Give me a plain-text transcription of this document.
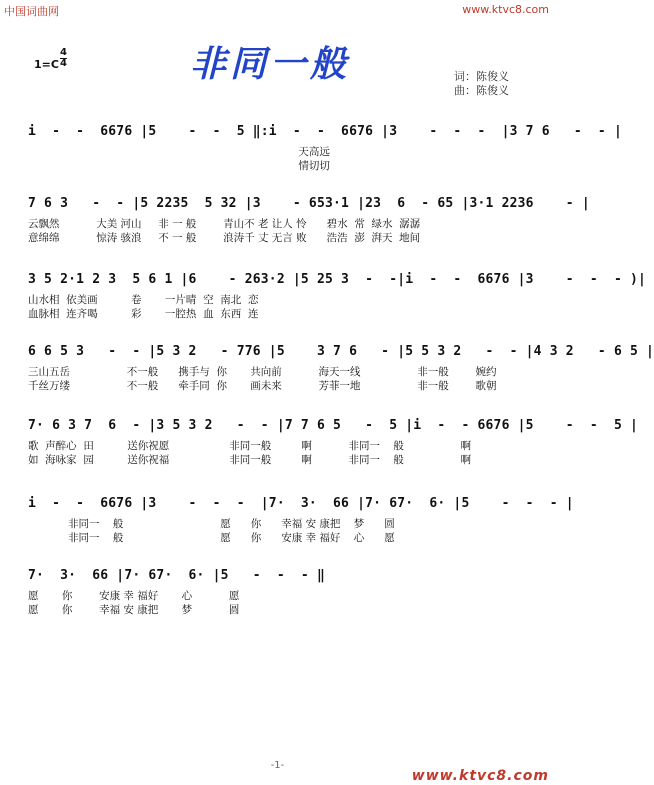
中国词曲网	www.ktvc8.com
1=C
4
4	非同一般	词：陈俊义
曲：陈俊义
i  -  -  6676 |5    -  -  5 ‖:i  -  -  6676 |3    -  -  -  |3 7 6   -  - |
天高远
情切切
7 6 3   -  - |5 2235  5 32 |3    - 653·1 |23  6  - 65 |3·1 2236    - |
云飘然           大美 河山     非 一 般        青山不 老 让人 怜      碧水  常  绿水  潺潺
意绵绵           惊涛 骇浪     不 一 般        浪涛千 丈 无言 败      浩浩  澎  湃天  地间
3 5 2·1 2 3  5 6 1 |6    - 263·2 |5 25 3  -  -|i  -  -  6676 |3    -  -  - )|
山水相  依美画          卷       一片晴  空  南北  恋
血脉相  连齐喝          彩       一腔热  血  东西  连
6 6 5 3   -  - |5 3 2   - 776 |5    3 7 6   - |5 5 3 2   -  - |4 3 2   - 6 5 |
三山五岳                 不一般      携手与  你       共向前           海天一线                 非一般        婉约
千丝万缕                 不一般      牵手同  你       画未来           芳菲一地                 非一般        歌朝
7· 6 3 7  6  - |3 5 3 2   -  - |7 7 6 5   -  5 |i  -  - 6676 |5    -  -  5 |
歌  声醉心  田          送你祝愿                  非同一般         啊           非同一    般                 啊
如  海咏家  园          送你祝福                  非同一般         啊           非同一    般                 啊
i  -  -  6676 |3    -  -  -  |7·  3·  66 |7· 67·  6· |5    -  -  - |
非同一    般                             愿      你      幸福 安 康把    梦      圆
非同一    般                             愿      你      安康 幸 福好    心      愿
7·  3·  66 |7· 67·  6· |5   -  -  - ‖
愿       你        安康 幸 福好       心           愿
愿       你        幸福 安 康把       梦           圆
-1-
www.ktvc8.com
